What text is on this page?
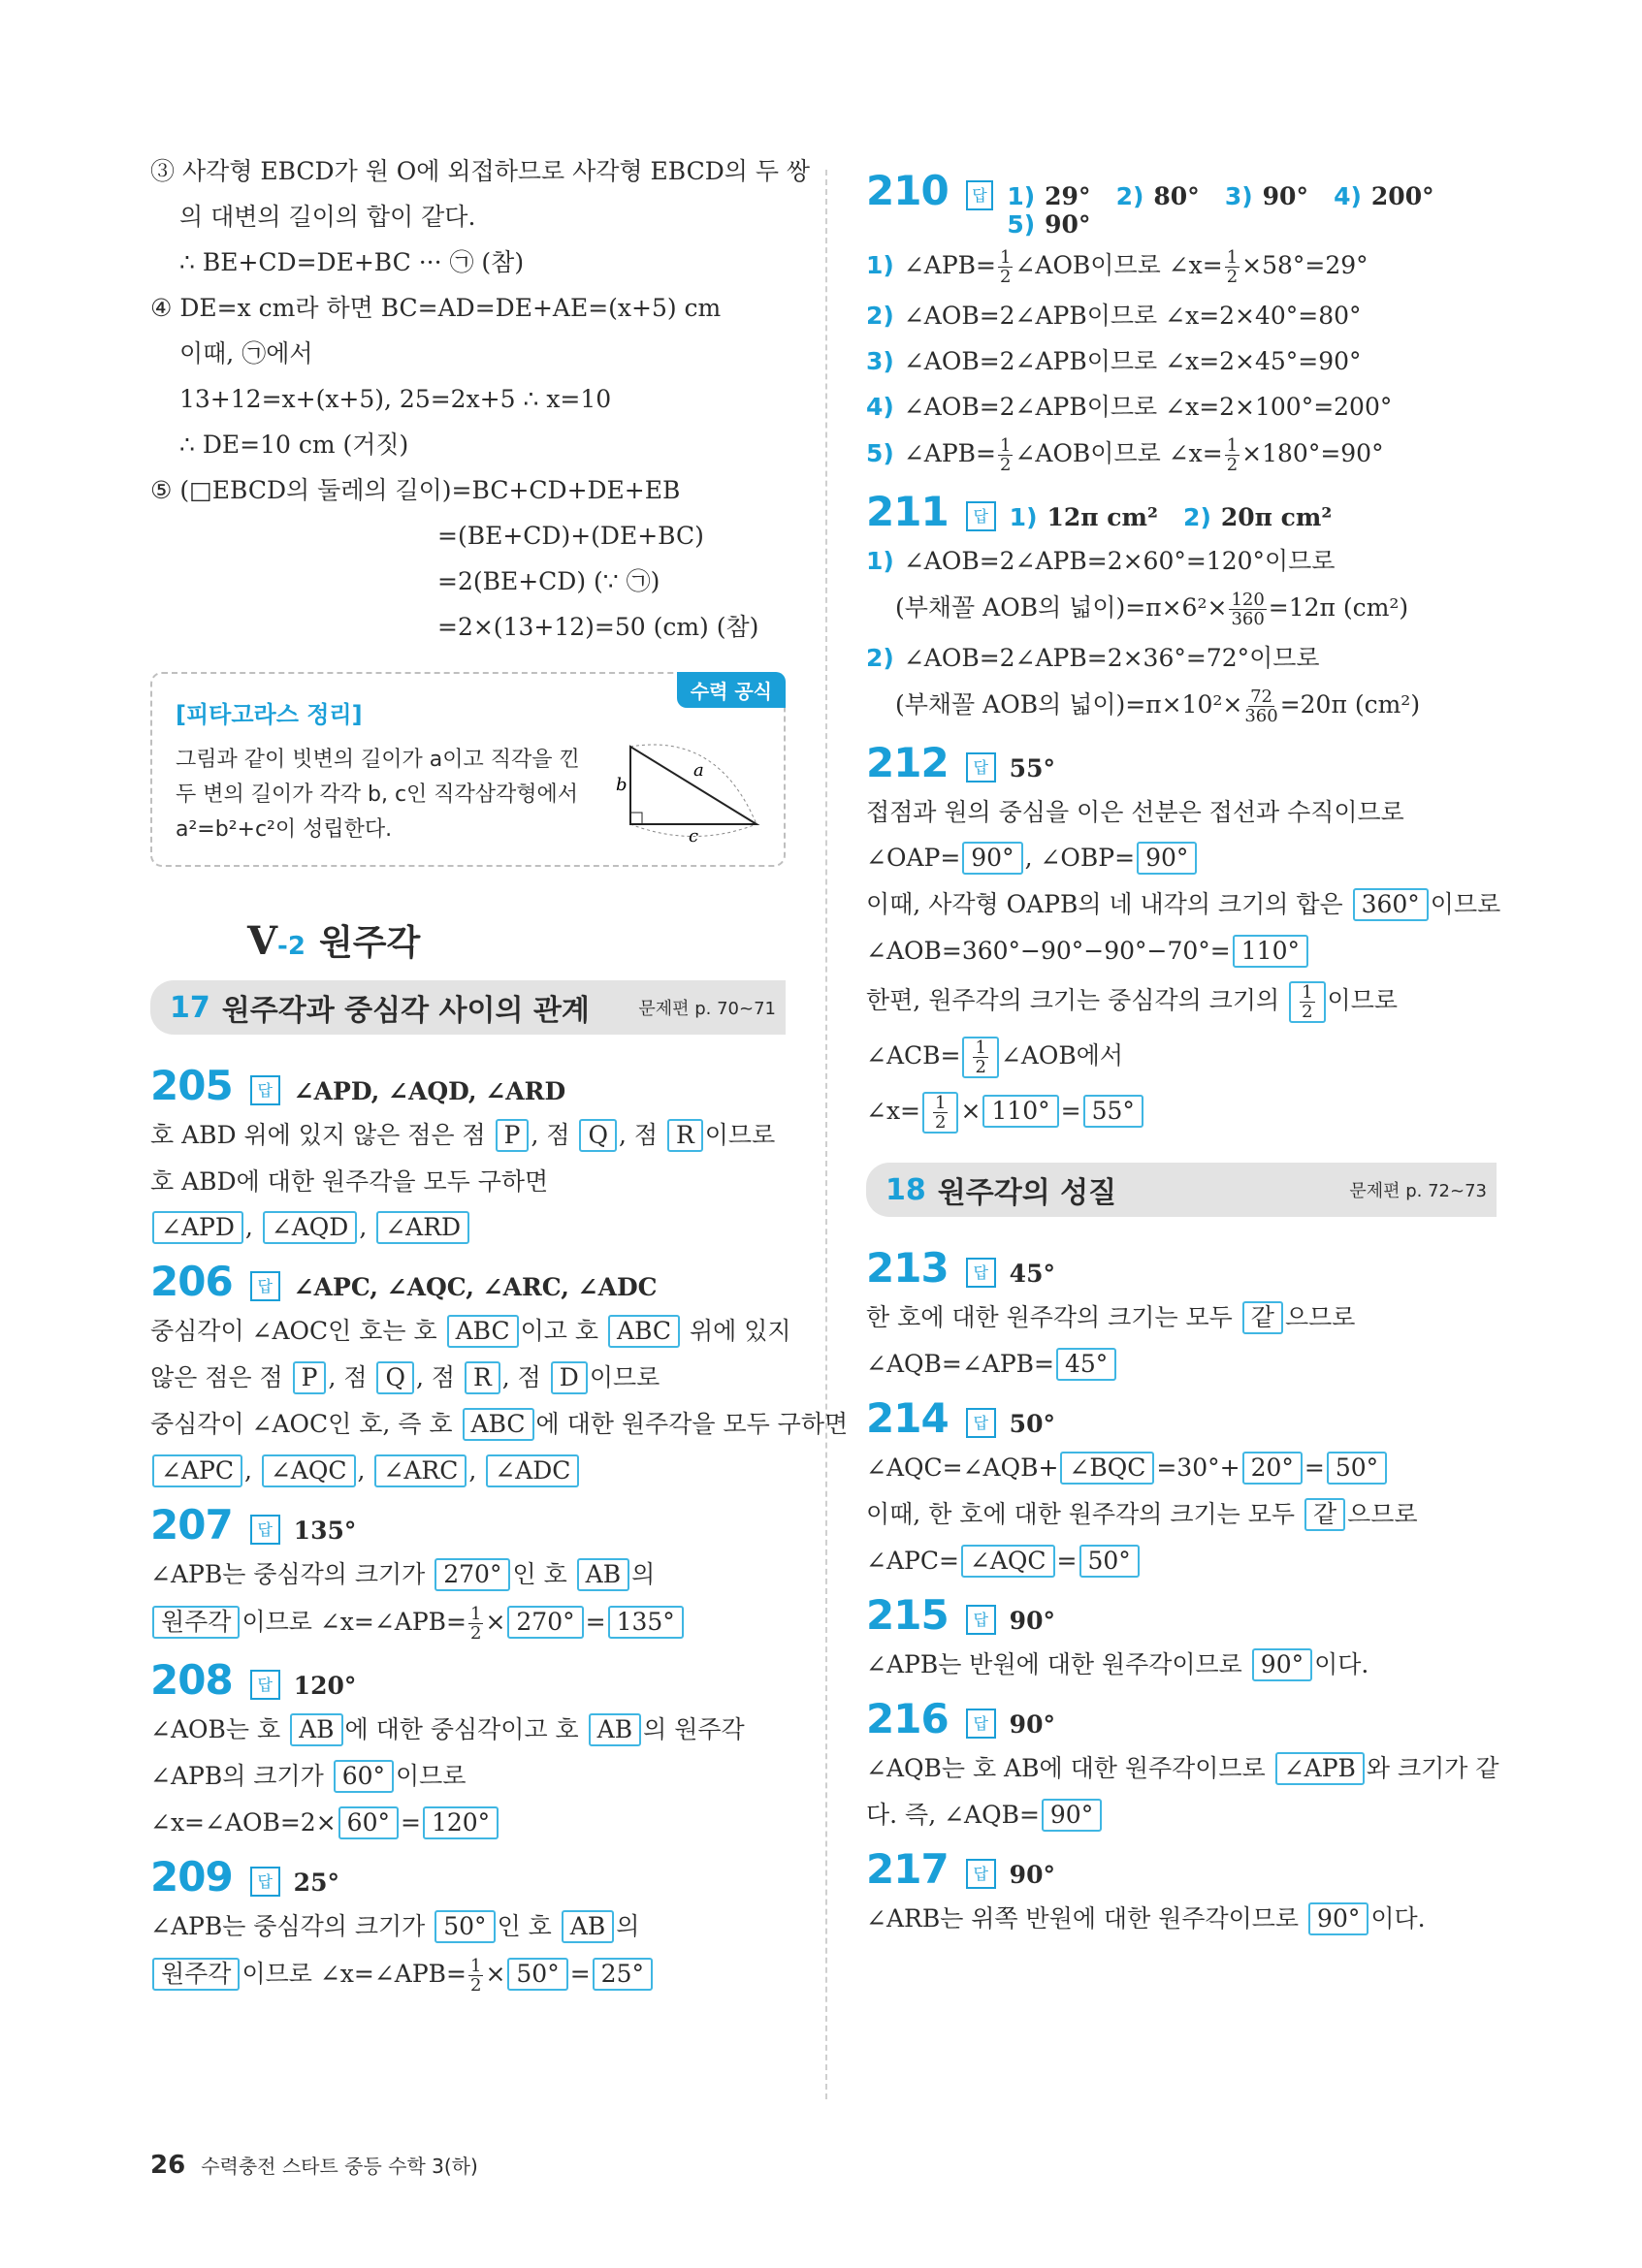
③ 사각형 EBCD가 원 O에 외접하므로 사각형 EBCD의 두 쌍
의 대변의 길이의 합이 같다.
∴ BE+CD=DE+BC ··· ㉠ (참)
④ DE=x cm라 하면 BC=AD=DE+AE=(x+5) cm
이때, ㉠에서
13+12=x+(x+5), 25=2x+5 ∴ x=10
∴ DE=10 cm (거짓)
⑤ (□EBCD의 둘레의 길이)=BC+CD+DE+EB
=(BE+CD)+(DE+BC)
=2(BE+CD) (∵ ㉠)
=2×(13+12)=50 (cm) (참)
수력 공식
[피타고라스 정리]
그림과 같이 빗변의 길이가 a이고 직각을 낀 두 변의 길이가 각각 b, c인 직각삼각형에서 a²=b²+c²이 성립한다.
a
b
c
V-2 원주각
17 원주각과 중심각 사이의 관계	문제편 p. 70~71
205	답 ∠APD, ∠AQD, ∠ARD
호 ABD 위에 있지 않은 점은 점 P , 점 Q , 점 R 이므로
호 ABD에 대한 원주각을 모두 구하면
∠APD , ∠AQD , ∠ARD
206	답 ∠APC, ∠AQC, ∠ARC, ∠ADC
중심각이 ∠AOC인 호는 호 ABC 이고 호 ABC 위에 있지
않은 점은 점 P , 점 Q , 점 R , 점 D 이므로
중심각이 ∠AOC인 호, 즉 호 ABC 에 대한 원주각을 모두 구하면
∠APC , ∠AQC , ∠ARC , ∠ADC
207	답 135°
∠APB는 중심각의 크기가 270° 인 호 AB 의
원주각 이므로 ∠x=∠APB= $\frac{1}{2} \times 270^\circ = 135^\circ$
208	답 120°
∠AOB는 호 AB 에 대한 중심각이고 호 AB 의 원주각
∠APB의 크기가 60° 이므로
∠x=∠AOB=2× 60° = 120°
209	답 25°
∠APB는 중심각의 크기가 50° 인 호 AB 의
원주각 이므로 ∠x=∠APB= $\frac{1}{2} \times 50^\circ = 25^\circ$
210	답 1) 29° 2) 80° 3) 90° 4) 200°   5) 90°
1) ∠APB= $\frac{1}{2}$ ∠AOB이므로 ∠x= $\frac{1}{2} \times 58^\circ=29^\circ$
2) ∠AOB=2∠APB이므로 ∠x=2×40°=80°
3) ∠AOB=2∠APB이므로 ∠x=2×45°=90°
4) ∠AOB=2∠APB이므로 ∠x=2×100°=200°
5) ∠APB= $\frac{1}{2}$ ∠AOB이므로 ∠x= $\frac{1}{2} \times 180^\circ=90^\circ$
211	답 1) 12π cm² 2) 20π cm²
1) ∠AOB=2∠APB=2×60°=120°이므로
(부채꼴 AOB의 넓이)$=\pi\times 6^2\times \frac{120}{360} =12\pi$ (cm²)
2) ∠AOB=2∠APB=2×36°=72°이므로
(부채꼴 AOB의 넓이)$=\pi\times 10^2\times \frac{72}{360} =20\pi$ (cm²)
212	답 55°
접점과 원의 중심을 이은 선분은 접선과 수직이므로
∠OAP= 90° , ∠OBP= 90°
이때, 사각형 OAPB의 네 내각의 크기의 합은 360° 이므로
∠AOB=360°−90°−90°−70°= 110°
한편, 원주각의 크기는 중심각의 크기의 $\frac{1}{2}$ 이므로
∠ACB= $\frac{1}{2}$ ∠AOB에서
∠x= $\frac{1}{2} \times 110^\circ = 55^\circ$
18 원주각의 성질	문제편 p. 72~73
213	답 45°
한 호에 대한 원주각의 크기는 모두 같 으므로
∠AQB=∠APB= 45°
214	답 50°
∠AQC=∠AQB+ ∠BQC =30°+ 20° = 50°
이때, 한 호에 대한 원주각의 크기는 모두 같 으므로
∠APC= ∠AQC = 50°
215	답 90°
∠APB는 반원에 대한 원주각이므로 90° 이다.
216	답 90°
∠AQB는 호 AB에 대한 원주각이므로 ∠APB 와 크기가 같
다. 즉, ∠AQB= 90°
217	답 90°
∠ARB는 위쪽 반원에 대한 원주각이므로 90° 이다.
26 수력충전 스타트 중등 수학 3(하)
